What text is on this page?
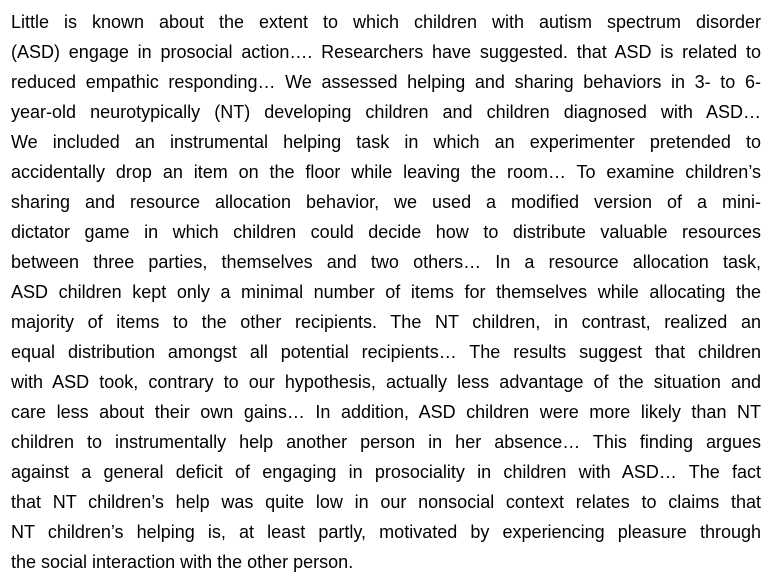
Little is known about the extent to which children with autism spectrum disorder
(ASD) engage in prosocial action…. Researchers have suggested. that ASD is related to
reduced empathic responding… We assessed helping and sharing behaviors in 3- to 6-
year-old neurotypically (NT) developing children and children diagnosed with ASD…
We included an instrumental helping task in which an experimenter pretended to
accidentally drop an item on the floor while leaving the room… To examine children’s
sharing and resource allocation behavior, we used a modified version of a mini-
dictator game in which children could decide how to distribute valuable resources
between three parties, themselves and two others… In a resource allocation task,
ASD children kept only a minimal number of items for themselves while allocating the
majority of items to the other recipients. The NT children, in contrast, realized an
equal distribution amongst all potential recipients… The results suggest that children
with ASD took, contrary to our hypothesis, actually less advantage of the situation and
care less about their own gains… In addition, ASD children were more likely than NT
children to instrumentally help another person in her absence… This finding argues
against a general deficit of engaging in prosociality in children with ASD… The fact
that NT children’s help was quite low in our nonsocial context relates to claims that
NT children’s helping is, at least partly, motivated by experiencing pleasure through
the social interaction with the other person.
